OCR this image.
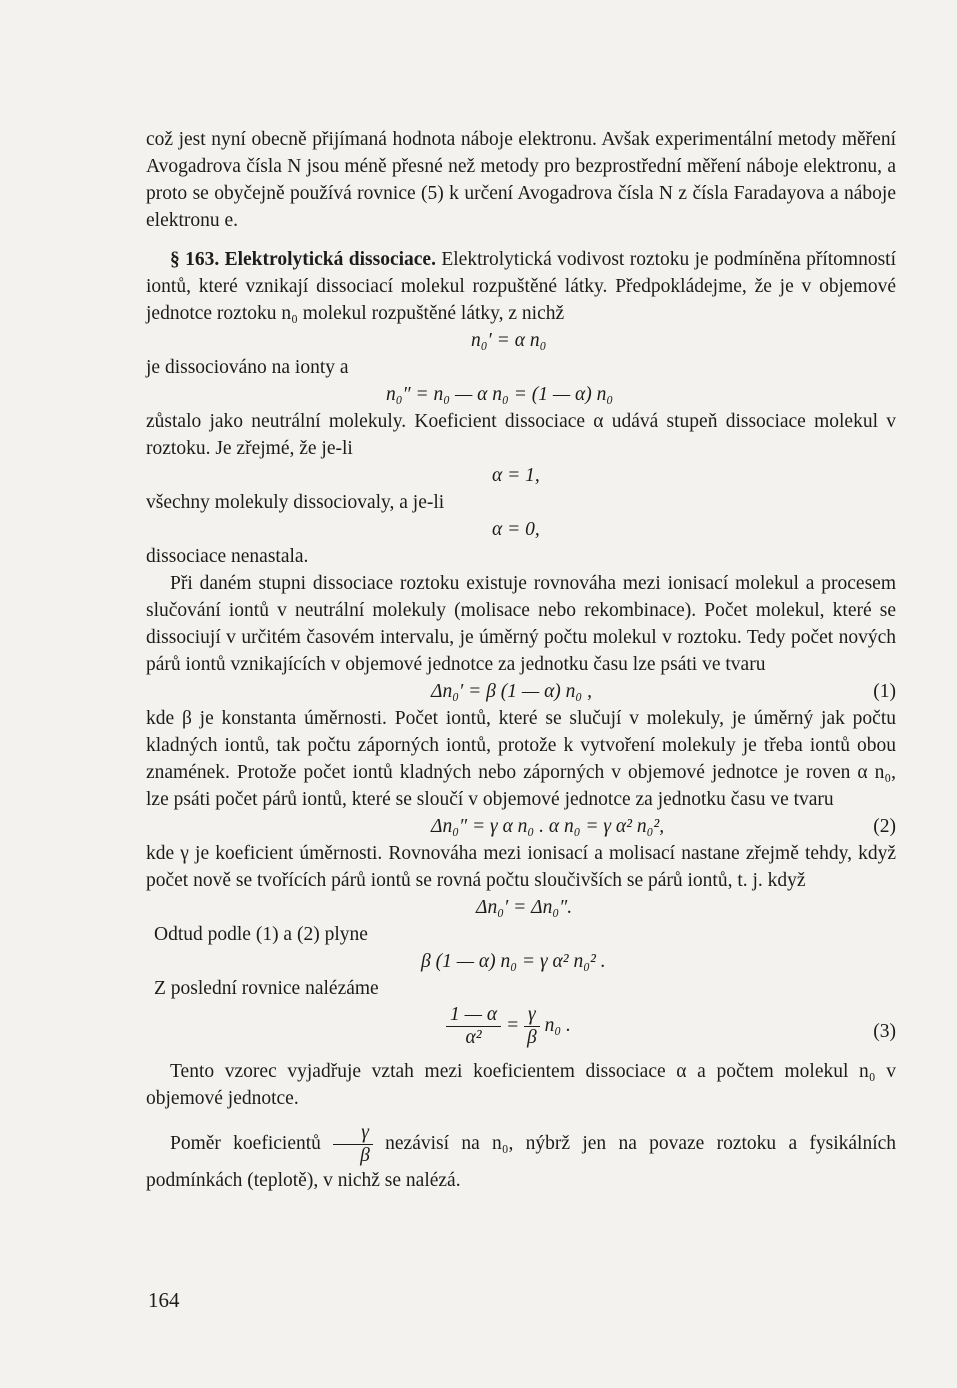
což jest nyní obecně přijímaná hodnota náboje elektronu. Avšak experimentální metody měření Avogadrova čísla N jsou méně přesné než metody pro bezprostřední měření náboje elektronu, a proto se obyčejně používá rovnice (5) k určení Avogadrova čísla N z čísla Faradayova a náboje elektronu e.

§ 163. Elektrolytická dissociace. Elektrolytická vodivost roztoku je podmíněna přítomností iontů, které vznikají dissociací molekul rozpuštěné látky. Předpokládejme, že je v objemové jednotce roztoku n₀ molekul rozpuštěné látky, z nichž

n₀′ = α n₀

je dissociováno na ionty a

n₀″ = n₀ — α n₀ = (1 — α) n₀

zůstalo jako neutrální molekuly. Koeficient dissociace α udává stupeň dissociace molekul v roztoku. Je zřejmé, že je-li

α = 1,

všechny molekuly dissociovaly, a je-li

α = 0,

dissociace nenastala.

Při daném stupni dissociace roztoku existuje rovnováha mezi ionisací molekul a procesem slučování iontů v neutrální molekuly (molisace nebo rekombinace). Počet molekul, které se dissociují v určitém časovém intervalu, je úměrný počtu molekul v roztoku. Tedy počet nových párů iontů vznikajících v objemové jednotce za jednotku času lze psáti ve tvaru

Δn₀′ = β (1 — α) n₀ ,	(1)

kde β je konstanta úměrnosti. Počet iontů, které se slučují v molekuly, je úměrný jak počtu kladných iontů, tak počtu záporných iontů, protože k vytvoření molekuly je třeba iontů obou znamének. Protože počet iontů kladných nebo záporných v objemové jednotce je roven α n₀, lze psáti počet párů iontů, které se sloučí v objemové jednotce za jednotku času ve tvaru

Δn₀″ = γ α n₀ . α n₀ = γ α² n₀²,	(2)

kde γ je koeficient úměrnosti. Rovnováha mezi ionisací a molisací nastane zřejmě tehdy, když počet nově se tvořících párů iontů se rovná počtu sloučivších se párů iontů, t. j. když

Δn₀′ = Δn₀″.

Odtud podle (1) a (2) plyne

β (1 — α) n₀ = γ α² n₀² .

Z poslední rovnice nalézáme

$\frac{1 — \alpha}{\text{α²}} = \frac{\gamma}{\beta} n_0$ .	(3)

Tento vzorec vyjadřuje vztah mezi koeficientem dissociace α a počtem molekul n₀ v objemové jednotce.

Poměr koeficientů $\frac{\gamma}{\beta}$ nezávisí na n₀, nýbrž jen na povaze roztoku a fysikálních podmínkách (teplotě), v nichž se nalézá.

164
